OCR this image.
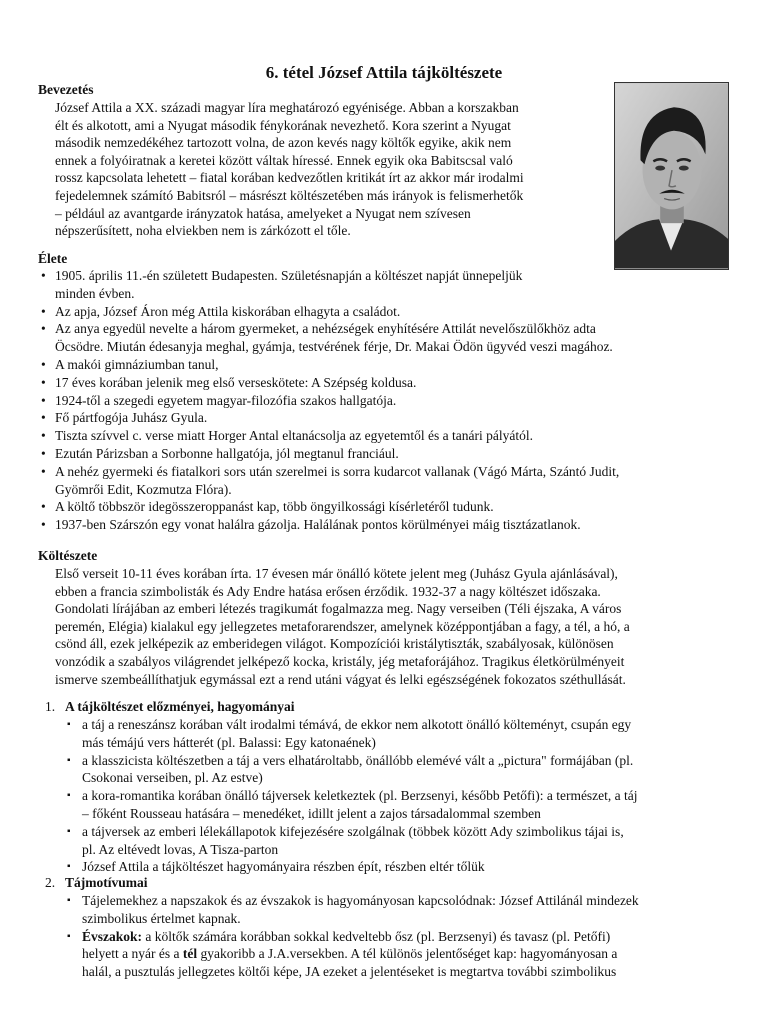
6. tétel József Attila tájköltészete
Bevezetés
József Attila a XX. századi magyar líra meghatározó egyénisége. Abban a korszakban
élt és alkotott, ami a Nyugat második fénykorának nevezhető. Kora szerint a Nyugat
második nemzedékéhez tartozott volna, de azon kevés nagy költők egyike, akik nem
ennek a folyóiratnak a keretei között váltak híressé. Ennek egyik oka Babitscsal való
rossz kapcsolata lehetett – fiatal korában kedvezőtlen kritikát írt az akkor már irodalmi
fejedelemnek számító Babitsról – másrészt költészetében más irányok is felismerhetők
– például az avantgarde irányzatok hatása, amelyeket a Nyugat nem szívesen
népszerűsített, noha elviekben nem is zárkózott el tőle.
Élete
• 1905. április 11.-én született Budapesten. Születésnapján a költészet napját ünnepeljük
minden évben.
• Az apja, József Áron még Attila kiskorában elhagyta a családot.
• Az anya egyedül nevelte a három gyermeket, a nehézségek enyhítésére Attilát nevelőszülőkhöz adta
Öcsödre. Miután édesanyja meghal, gyámja, testvérének férje, Dr. Makai Ödön ügyvéd veszi magához.
• A makói gimnáziumban tanul,
• 17 éves korában jelenik meg első verseskötete: A Szépség koldusa.
• 1924-től a szegedi egyetem magyar-filozófia szakos hallgatója.
• Fő pártfogója Juhász Gyula.
• Tiszta szívvel c. verse miatt Horger Antal eltanácsolja az egyetemtől és a tanári pályától.
• Ezután Párizsban a Sorbonne hallgatója, jól megtanul franciául.
• A nehéz gyermeki és fiatalkori sors után szerelmei is sorra kudarcot vallanak (Vágó Márta, Szántó Judit,
Gyömrői Edit, Kozmutza Flóra).
• A költő többször idegösszeroppanást kap, több öngyilkossági kísérletéről tudunk.
• 1937-ben Szárszón egy vonat halálra gázolja. Halálának pontos körülményei máig tisztázatlanok.
Költészete
Első verseit 10-11 éves korában írta. 17 évesen már önálló kötete jelent meg (Juhász Gyula ajánlásával),
ebben a francia szimbolisták és Ady Endre hatása erősen érződik. 1932-37 a nagy költészet időszaka.
Gondolati lírájában az emberi létezés tragikumát fogalmazza meg. Nagy verseiben (Téli éjszaka, A város
peremén, Elégia) kialakul egy jellegzetes metaforarendszer, amelynek középpontjában a fagy, a tél, a hó, a
csönd áll, ezek jelképezik az emberidegen világot. Kompozíciói kristálytiszták, szabályosak, különösen
vonzódik a szabályos világrendet jelképező kocka, kristály, jég metaforájához. Tragikus életkörülményeit
ismerve szembeállíthatjuk egymással ezt a rend utáni vágyat és lelki egészségének fokozatos széthullását.
1. A tájköltészet előzményei, hagyományai
▪ a táj a reneszánsz korában vált irodalmi témává, de ekkor nem alkotott önálló költeményt, csupán egy
más témájú vers hátterét (pl. Balassi: Egy katonaének)
▪ a klasszicista költészetben a táj a vers elhatároltabb, önállóbb elemévé vált a „pictura" formájában (pl.
Csokonai verseiben, pl. Az estve)
▪ a kora-romantika korában önálló tájversek keletkeztek (pl. Berzsenyi, később Petőfi): a természet, a táj
– főként Rousseau hatására – menedéket, idillt jelent a zajos társadalommal szemben
▪ a tájversek az emberi lélekállapotok kifejezésére szolgálnak (többek között Ady szimbolikus tájai is,
pl. Az eltévedt lovas, A Tisza-parton
▪ József Attila a tájköltészet hagyományaira részben épít, részben eltér tőlük
2. Tájmotívumai
▪ Tájelemekhez a napszakok és az évszakok is hagyományosan kapcsolódnak: József Attilánál mindezek
szimbolikus értelmet kapnak.
▪ Évszakok: a költők számára korábban sokkal kedveltebb ősz (pl. Berzsenyi) és tavasz (pl. Petőfi)
helyett a nyár és a tél gyakoribb a J.A.versekben. A tél különös jelentőséget kap: hagyományosan a
halál, a pusztulás jellegzetes költői képe, JA ezeket a jelentéseket is megtartva további szimbolikus
